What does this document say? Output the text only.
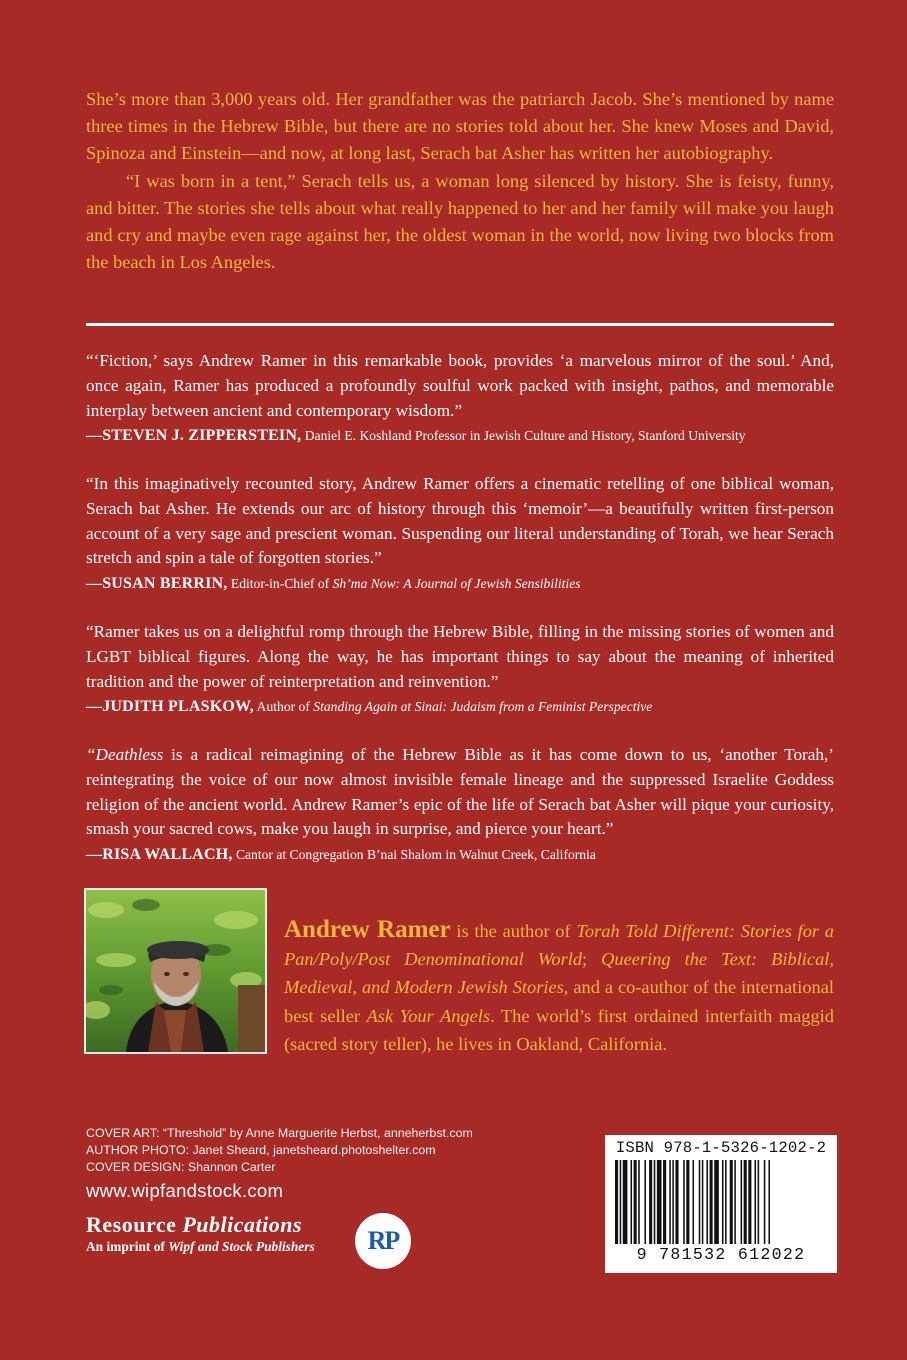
She’s more than 3,000 years old. Her grandfather was the patriarch Jacob. She’s mentioned by name three times in the Hebrew Bible, but there are no stories told about her. She knew Moses and David, Spinoza and Einstein—and now, at long last, Serach bat Asher has written her autobiography.

“I was born in a tent,” Serach tells us, a woman long silenced by history. She is feisty, funny, and bitter. The stories she tells about what really happened to her and her family will make you laugh and cry and maybe even rage against her, the oldest woman in the world, now living two blocks from the beach in Los Angeles.

“‘Fiction,’ says Andrew Ramer in this remarkable book, provides ‘a marvelous mirror of the soul.’ And, once again, Ramer has produced a profoundly soulful work packed with insight, pathos, and memorable interplay between ancient and contemporary wisdom.”

—STEVEN J. ZIPPERSTEIN, Daniel E. Koshland Professor in Jewish Culture and History, Stanford University

“In this imaginatively recounted story, Andrew Ramer offers a cinematic retelling of one biblical woman, Serach bat Asher. He extends our arc of history through this ‘memoir’—a beautifully written first-person account of a very sage and prescient woman. Suspending our literal understanding of Torah, we hear Serach stretch and spin a tale of forgotten stories.”

—SUSAN BERRIN, Editor-in-Chief of Sh’ma Now: A Journal of Jewish Sensibilities

“Ramer takes us on a delightful romp through the Hebrew Bible, filling in the missing stories of women and LGBT biblical figures. Along the way, he has important things to say about the meaning of inherited tradition and the power of reinterpretation and reinvention.”

—JUDITH PLASKOW, Author of Standing Again at Sinai: Judaism from a Feminist Perspective

“Deathless is a radical reimagining of the Hebrew Bible as it has come down to us, ‘another Torah,’ reintegrating the voice of our now almost invisible female lineage and the suppressed Israelite Goddess religion of the ancient world. Andrew Ramer’s epic of the life of Serach bat Asher will pique your curiosity, smash your sacred cows, make you laugh in surprise, and pierce your heart.”

—RISA WALLACH, Cantor at Congregation B’nai Shalom in Walnut Creek, California
Andrew Ramer is the author of Torah Told Different: Stories for a Pan/Poly/Post Denominational World; Queering the Text: Biblical, Medieval, and Modern Jewish Stories, and a co-author of the international best seller Ask Your Angels. The world’s first ordained interfaith maggid (sacred story teller), he lives in Oakland, California.
COVER ART: “Threshold” by Anne Marguerite Herbst, anneherbst.com
AUTHOR PHOTO: Janet Sheard, janetsheard.photoshelter.com
COVER DESIGN: Shannon Carter
www.wipfandstock.com
Resource Publications
An imprint of Wipf and Stock Publishers	RP
ISBN 978-1-5326-1202-2
9 781532 612022
